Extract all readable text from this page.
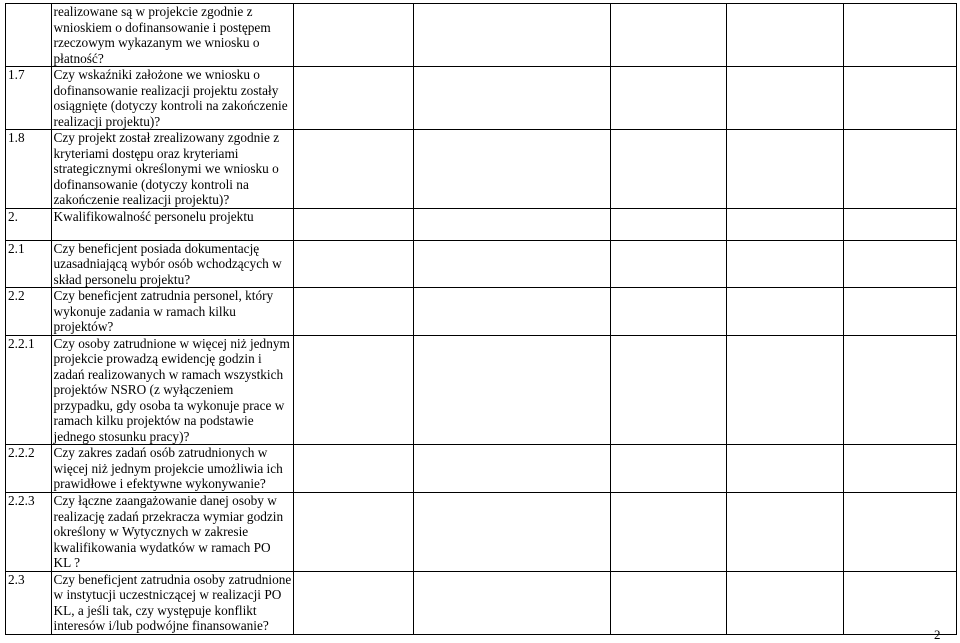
	realizowane są w projekcie zgodnie z wnioskiem o dofinansowanie i postępem rzeczowym wykazanym we wniosku o płatność?					
1.7	Czy wskaźniki założone we wniosku o dofinansowanie realizacji projektu zostały osiągnięte (dotyczy kontroli na zakończenie realizacji projektu)?					
1.8	Czy projekt został zrealizowany zgodnie z kryteriami dostępu oraz kryteriami strategicznymi określonymi we wniosku o dofinansowanie (dotyczy kontroli na zakończenie realizacji projektu)?					
2.	Kwalifikowalność personelu projektu					
2.1	Czy beneficjent posiada dokumentację uzasadniającą wybór osób wchodzących w skład personelu projektu?					
2.2	Czy beneficjent zatrudnia personel, który wykonuje zadania w ramach kilku projektów?					
2.2.1	Czy osoby zatrudnione w więcej niż jednym projekcie prowadzą ewidencję godzin i zadań realizowanych w ramach wszystkich projektów NSRO (z wyłączeniem przypadku, gdy osoba ta wykonuje prace w ramach kilku projektów na podstawie jednego stosunku pracy)?					
2.2.2	Czy zakres zadań osób zatrudnionych w więcej niż jednym projekcie umożliwia ich prawidłowe i efektywne wykonywanie?					
2.2.3	Czy łączne zaangażowanie danej osoby w realizację zadań przekracza wymiar godzin określony w Wytycznych w zakresie kwalifikowania wydatków w ramach PO KL ?					
2.3	Czy beneficjent zatrudnia osoby zatrudnione w instytucji uczestniczącej w realizacji PO KL, a jeśli tak, czy występuje konflikt interesów i/lub podwójne finansowanie?					
2
